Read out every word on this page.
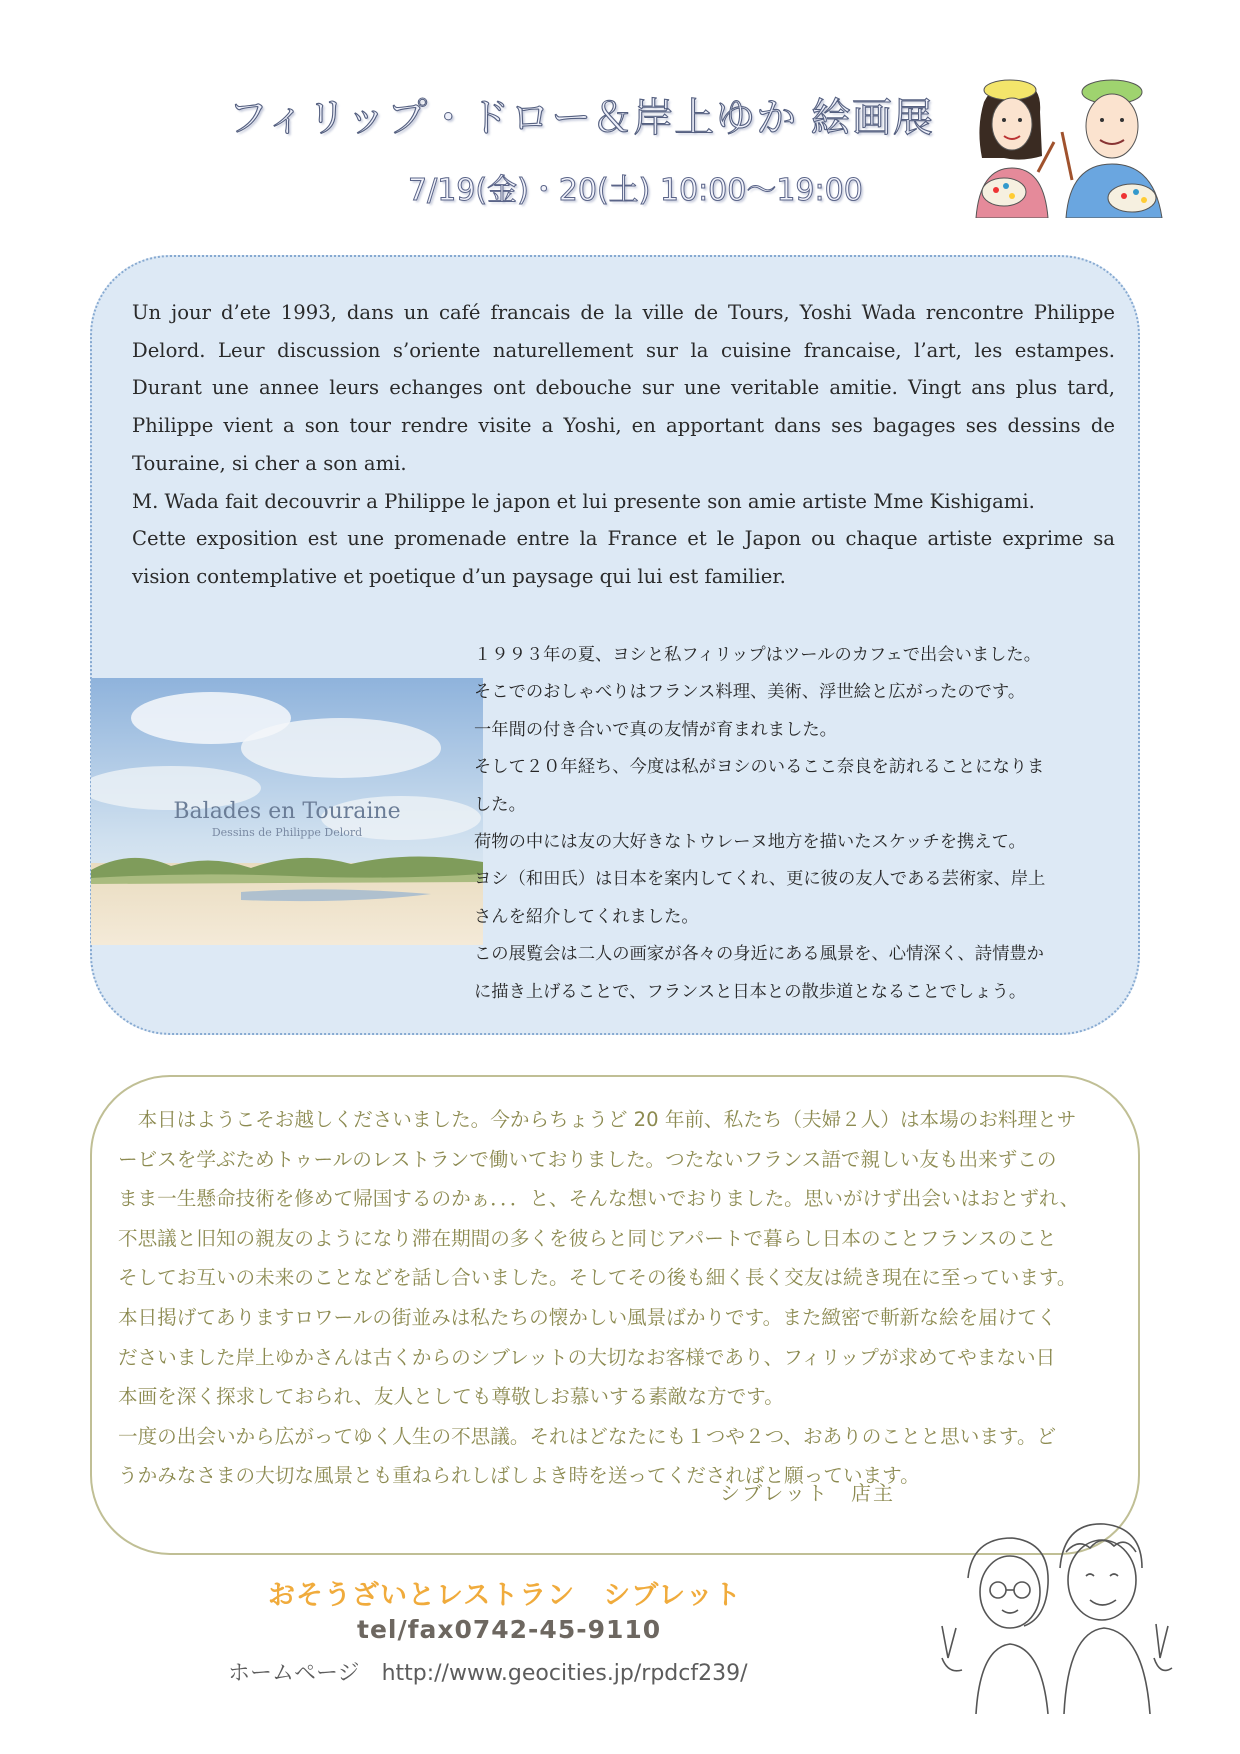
フィリップ・ドロー＆岸上ゆか 絵画展
7/19(金)・20(土) 10:00〜19:00

Un jour d’ete 1993, dans un café francais de la ville de Tours, Yoshi Wada rencontre Philippe Delord. Leur discussion s’oriente naturellement sur la cuisine francaise, l’art, les estampes. Durant une annee leurs echanges ont debouche sur une veritable amitie. Vingt ans plus tard, Philippe vient a son tour rendre visite a Yoshi, en apportant dans ses bagages ses dessins de Touraine, si cher a son ami.

M. Wada fait decouvrir a Philippe le japon et lui presente son amie artiste Mme Kishigami.

Cette exposition est une promenade entre la France et le Japon ou chaque artiste exprime sa vision contemplative et poetique d’un paysage qui lui est familier.

Balades en Touraine
Dessins de Philippe Delord

１９９３年の夏、ヨシと私フィリップはツールのカフェで出会いました。

そこでのおしゃべりはフランス料理、美術、浮世絵と広がったのです。

一年間の付き合いで真の友情が育まれました。

そして２０年経ち、今度は私がヨシのいるここ奈良を訪れることになりま

した。

荷物の中には友の大好きなトウレーヌ地方を描いたスケッチを携えて。

ヨシ（和田氏）は日本を案内してくれ、更に彼の友人である芸術家、岸上

さんを紹介してくれました。

この展覧会は二人の画家が各々の身近にある風景を、心情深く、詩情豊か

に描き上げることで、フランスと日本との散歩道となることでしょう。

　本日はようこそお越しくださいました。今からちょうど 20 年前、私たち（夫婦２人）は本場のお料理とサ

ービスを学ぶためトゥールのレストランで働いておりました。つたないフランス語で親しい友も出来ずこの

まま一生懸命技術を修めて帰国するのかぁ．．．と、そんな想いでおりました。思いがけず出会いはおとずれ、

不思議と旧知の親友のようになり滞在期間の多くを彼らと同じアパートで暮らし日本のことフランスのこと

そしてお互いの未来のことなどを話し合いました。そしてその後も細く長く交友は続き現在に至っています。

本日掲げてありますロワールの街並みは私たちの懐かしい風景ばかりです。また緻密で斬新な絵を届けてく

ださいました岸上ゆかさんは古くからのシブレットの大切なお客様であり、フィリップが求めてやまない日

本画を深く探求しておられ、友人としても尊敬しお慕いする素敵な方です。

一度の出会いから広がってゆく人生の不思議。それはどなたにも１つや２つ、おありのことと思います。ど

うかみなさまの大切な風景とも重ねられしばしよき時を送ってくださればと願っています。

シブレット　店主
おそうざいとレストラン　シブレット
tel/fax0742-45-9110
ホームページ http://www.geocities.jp/rpdcf239/
